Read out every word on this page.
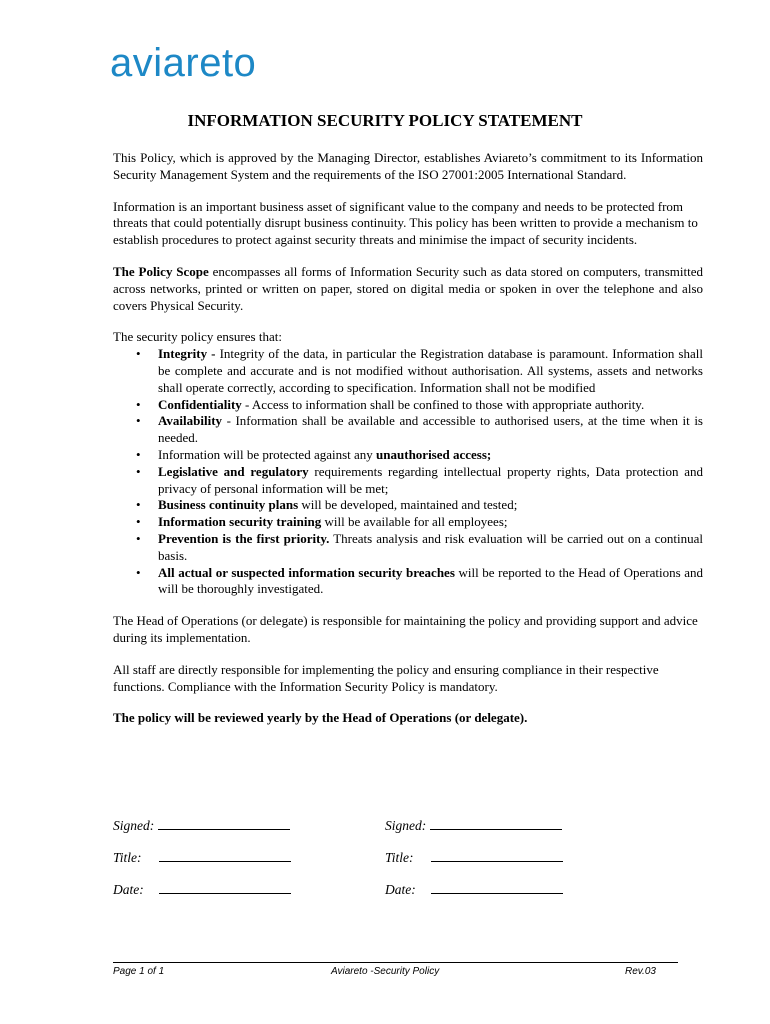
aviareto
INFORMATION SECURITY POLICY STATEMENT

This Policy, which is approved by the Managing Director, establishes Aviareto’s commitment to its Information Security Management System and the requirements of the ISO 27001:2005 International Standard.

Information is an important business asset of significant value to the company and needs to be protected from threats that could potentially disrupt business continuity. This policy has been written to provide a mechanism to establish procedures to protect against security threats and minimise the impact of security incidents.

The Policy Scope encompasses all forms of Information Security such as data stored on computers, transmitted across networks, printed or written on paper, stored on digital media or spoken in over the telephone and also covers Physical Security.

The security policy ensures that:
• Integrity - Integrity of the data, in particular the Registration database is paramount. Information shall be complete and accurate and is not modified without authorisation. All systems, assets and networks shall operate correctly, according to specification. Information shall not be modified
• Confidentiality - Access to information shall be confined to those with appropriate authority.
• Availability - Information shall be available and accessible to authorised users, at the time when it is needed.
• Information will be protected against any unauthorised access;
• Legislative and regulatory requirements regarding intellectual property rights, Data protection and privacy of personal information will be met;
• Business continuity plans will be developed, maintained and tested;
• Information security training will be available for all employees;
• Prevention is the first priority. Threats analysis and risk evaluation will be carried out on a continual basis.
• All actual or suspected information security breaches will be reported to the Head of Operations and will be thoroughly investigated.

The Head of Operations (or delegate) is responsible for maintaining the policy and providing support and advice during its implementation.

All staff are directly responsible for implementing the policy and ensuring compliance in their respective functions. Compliance with the Information Security Policy is mandatory.

The policy will be reviewed yearly by the Head of Operations (or delegate).

Signed:	Signed:
Title:	Title:
Date:	Date:
Page 1 of 1	Aviareto -Security Policy	Rev.03
